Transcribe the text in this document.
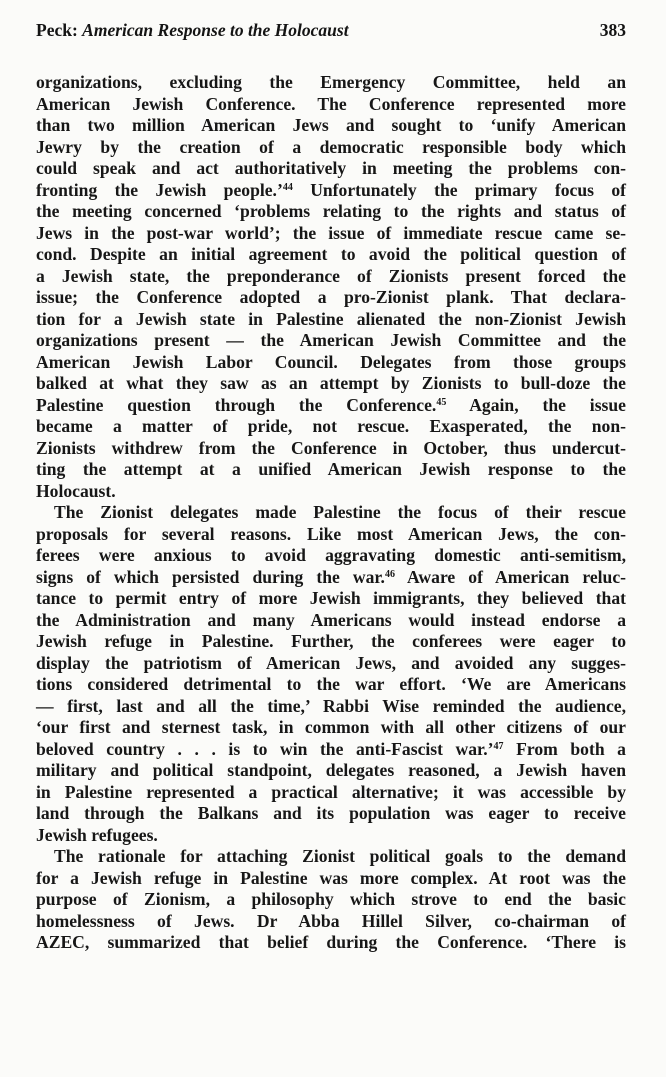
Peck: American Response to the Holocaust	383
organizations, excluding the Emergency Committee, held an
American Jewish Conference. The Conference represented more
than two million American Jews and sought to ‘unify American
Jewry by the creation of a democratic responsible body which
could speak and act authoritatively in meeting the problems con-
fronting the Jewish people.’$^{44}$ Unfortunately the primary focus of
the meeting concerned ‘problems relating to the rights and status of
Jews in the post-war world’; the issue of immediate rescue came se-
cond. Despite an initial agreement to avoid the political question of
a Jewish state, the preponderance of Zionists present forced the
issue; the Conference adopted a pro-Zionist plank. That declara-
tion for a Jewish state in Palestine alienated the non-Zionist Jewish
organizations present — the American Jewish Committee and the
American Jewish Labor Council. Delegates from those groups
balked at what they saw as an attempt by Zionists to bull-doze the
Palestine question through the Conference.$^{45}$ Again, the issue
became a matter of pride, not rescue. Exasperated, the non-
Zionists withdrew from the Conference in October, thus undercut-
ting the attempt at a unified American Jewish response to the
Holocaust.
The Zionist delegates made Palestine the focus of their rescue
proposals for several reasons. Like most American Jews, the con-
ferees were anxious to avoid aggravating domestic anti-semitism,
signs of which persisted during the war.$^{46}$ Aware of American reluc-
tance to permit entry of more Jewish immigrants, they believed that
the Administration and many Americans would instead endorse a
Jewish refuge in Palestine. Further, the conferees were eager to
display the patriotism of American Jews, and avoided any sugges-
tions considered detrimental to the war effort. ‘We are Americans
— first, last and all the time,’ Rabbi Wise reminded the audience,
‘our first and sternest task, in common with all other citizens of our
beloved country . . . is to win the anti-Fascist war.’$^{47}$ From both a
military and political standpoint, delegates reasoned, a Jewish haven
in Palestine represented a practical alternative; it was accessible by
land through the Balkans and its population was eager to receive
Jewish refugees.
The rationale for attaching Zionist political goals to the demand
for a Jewish refuge in Palestine was more complex. At root was the
purpose of Zionism, a philosophy which strove to end the basic
homelessness of Jews. Dr Abba Hillel Silver, co-chairman of
AZEC, summarized that belief during the Conference. ‘There is
